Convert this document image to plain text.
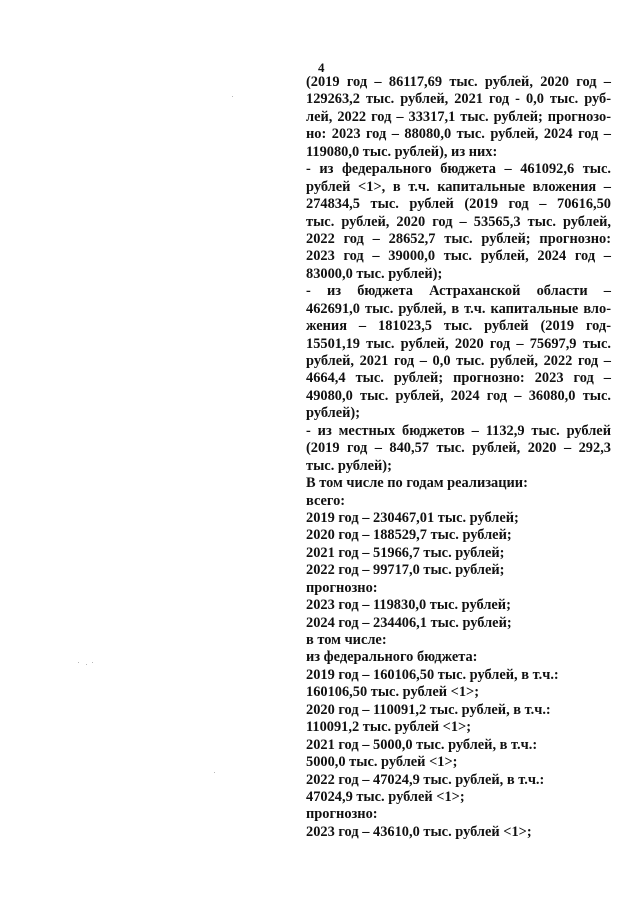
4
(2019 год – 86117,69 тыс. рублей, 2020 год –
129263,2 тыс. рублей, 2021 год - 0,0 тыс. руб-
лей, 2022 год – 33317,1 тыс. рублей; прогнозо-
но: 2023 год – 88080,0 тыс. рублей, 2024 год –
119080,0 тыс. рублей), из них:
- из федерального бюджета – 461092,6 тыс.
рублей <1>, в т.ч. капитальные вложения –
274834,5 тыс. рублей (2019 год – 70616,50
тыс. рублей, 2020 год – 53565,3 тыс. рублей,
2022 год – 28652,7 тыс. рублей; прогнозно:
2023 год – 39000,0 тыс. рублей, 2024 год –
83000,0 тыс. рублей);
- из бюджета Астраханской области –
462691,0 тыс. рублей, в т.ч. капитальные вло-
жения – 181023,5 тыс. рублей (2019 год-
15501,19 тыс. рублей, 2020 год – 75697,9 тыс.
рублей, 2021 год – 0,0 тыс. рублей, 2022 год –
4664,4 тыс. рублей; прогнозно: 2023 год –
49080,0 тыс. рублей, 2024 год – 36080,0 тыс.
рублей);
- из местных бюджетов – 1132,9 тыс. рублей
(2019 год – 840,57 тыс. рублей, 2020 – 292,3
тыс. рублей);
В том числе по годам реализации:
всего:
2019 год – 230467,01 тыс. рублей;
2020 год – 188529,7 тыс. рублей;
2021 год – 51966,7 тыс. рублей;
2022 год – 99717,0 тыс. рублей;
прогнозно:
2023 год – 119830,0 тыс. рублей;
2024 год – 234406,1 тыс. рублей;
в том числе:
из федерального бюджета:
2019 год – 160106,50 тыс. рублей, в т.ч.:
160106,50 тыс. рублей <1>;
2020 год – 110091,2 тыс. рублей, в т.ч.:
110091,2 тыс. рублей <1>;
2021 год – 5000,0 тыс. рублей, в т.ч.:
5000,0 тыс. рублей <1>;
2022 год – 47024,9 тыс. рублей, в т.ч.:
47024,9 тыс. рублей <1>;
прогнозно:
2023 год – 43610,0 тыс. рублей <1>;
